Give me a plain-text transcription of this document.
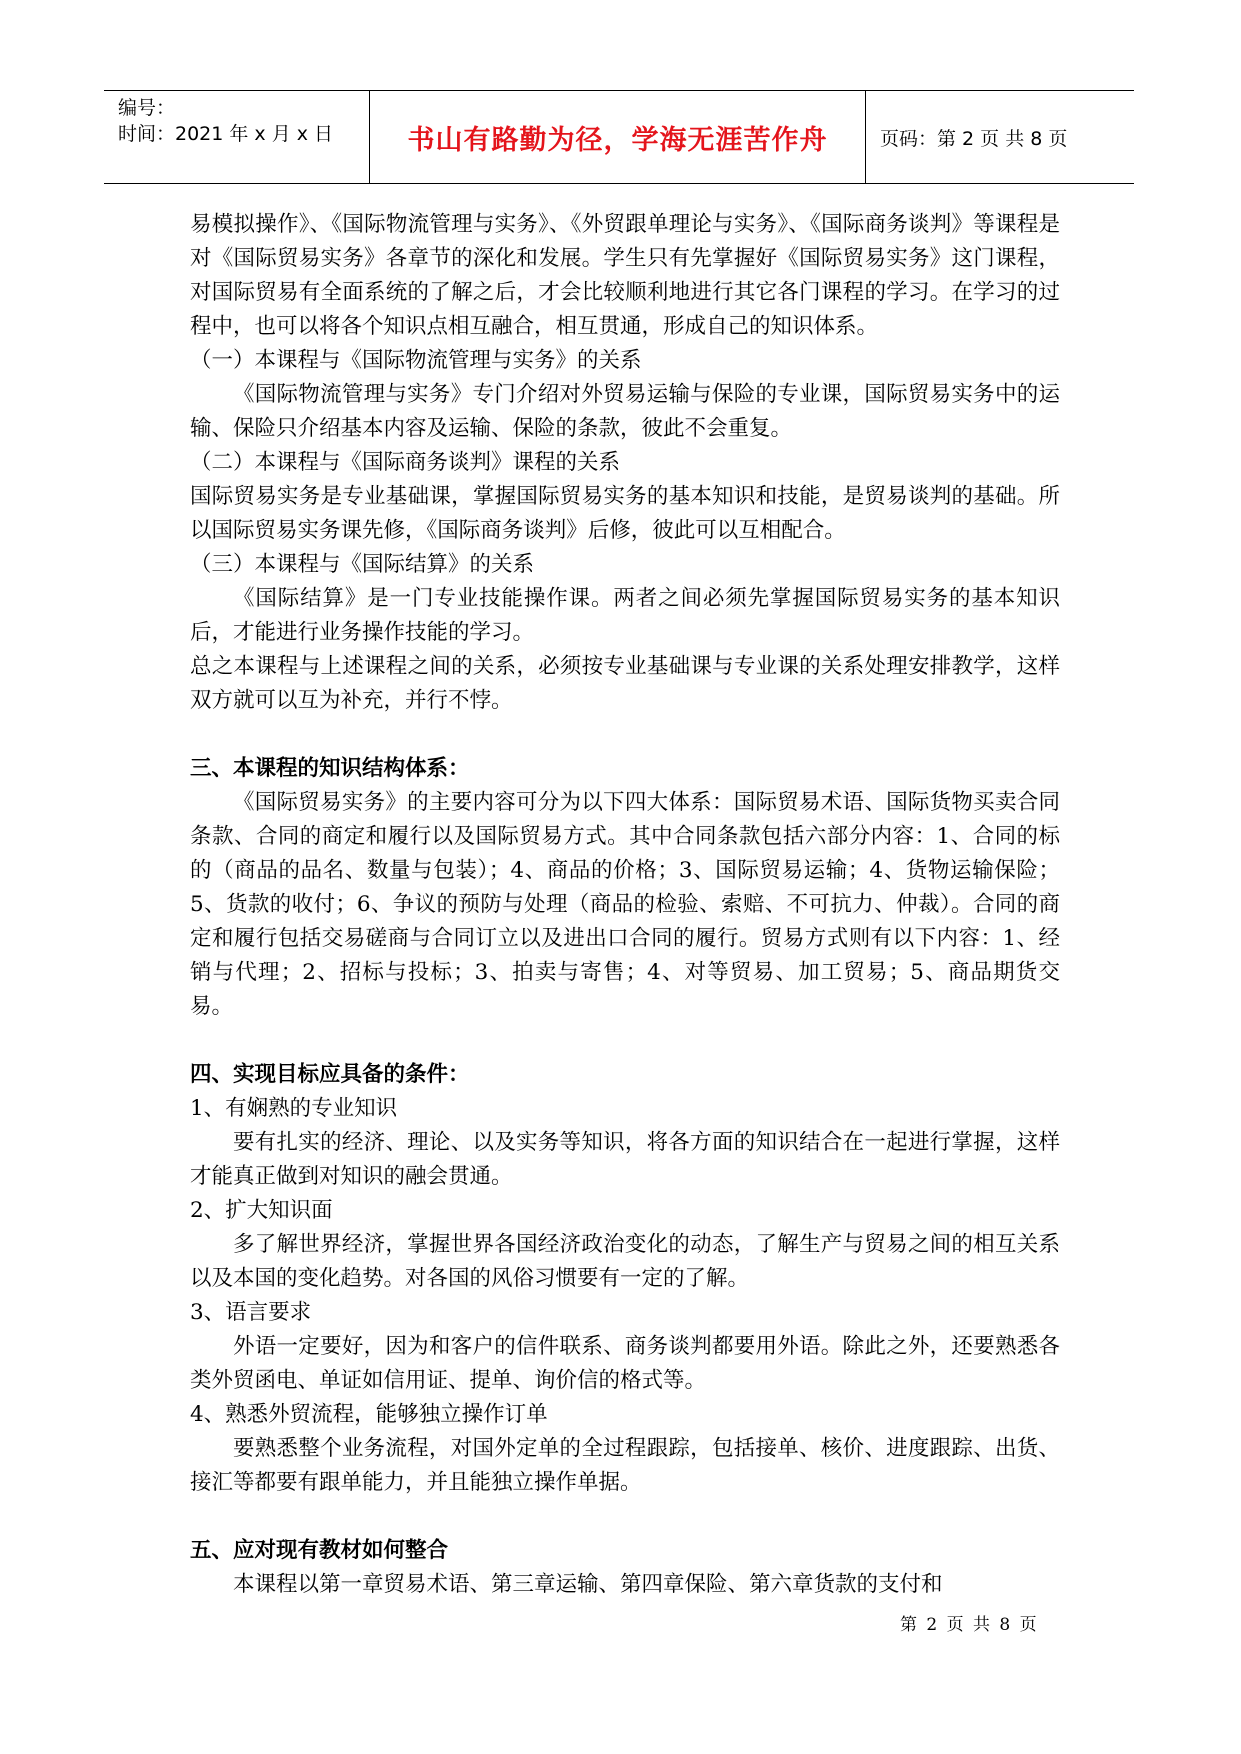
编号：
时间：2021 年 x 月 x 日	书山有路勤为径，学海无涯苦作舟	页码：第 2 页 共 8 页

易模拟操作》、《国际物流管理与实务》、《外贸跟单理论与实务》、《国际商务谈判》等课程是对《国际贸易实务》各章节的深化和发展。学生只有先掌握好《国际贸易实务》这门课程，对国际贸易有全面系统的了解之后，才会比较顺利地进行其它各门课程的学习。在学习的过程中，也可以将各个知识点相互融合，相互贯通，形成自己的知识体系。

（一）本课程与《国际物流管理与实务》的关系

《国际物流管理与实务》专门介绍对外贸易运输与保险的专业课，国际贸易实务中的运输、保险只介绍基本内容及运输、保险的条款，彼此不会重复。

（二）本课程与《国际商务谈判》课程的关系

国际贸易实务是专业基础课，掌握国际贸易实务的基本知识和技能，是贸易谈判的基础。所以国际贸易实务课先修，《国际商务谈判》后修，彼此可以互相配合。

（三）本课程与《国际结算》的关系

《国际结算》是一门专业技能操作课。两者之间必须先掌握国际贸易实务的基本知识后，才能进行业务操作技能的学习。

总之本课程与上述课程之间的关系，必须按专业基础课与专业课的关系处理安排教学，这样双方就可以互为补充，并行不悖。

三、本课程的知识结构体系：

《国际贸易实务》的主要内容可分为以下四大体系：国际贸易术语、国际货物买卖合同条款、合同的商定和履行以及国际贸易方式。其中合同条款包括六部分内容：1、合同的标的（商品的品名、数量与包装）；4、商品的价格；3、国际贸易运输；4、货物运输保险；5、货款的收付；6、争议的预防与处理（商品的检验、索赔、不可抗力、仲裁）。合同的商定和履行包括交易磋商与合同订立以及进出口合同的履行。贸易方式则有以下内容：1、经销与代理；2、招标与投标；3、拍卖与寄售；4、对等贸易、加工贸易；5、商品期货交易。

四、实现目标应具备的条件：

1、有娴熟的专业知识

要有扎实的经济、理论、以及实务等知识，将各方面的知识结合在一起进行掌握，这样才能真正做到对知识的融会贯通。

2、扩大知识面

多了解世界经济，掌握世界各国经济政治变化的动态，了解生产与贸易之间的相互关系以及本国的变化趋势。对各国的风俗习惯要有一定的了解。

3、语言要求

外语一定要好，因为和客户的信件联系、商务谈判都要用外语。除此之外，还要熟悉各类外贸函电、单证如信用证、提单、询价信的格式等。

4、熟悉外贸流程，能够独立操作订单

要熟悉整个业务流程，对国外定单的全过程跟踪，包括接单、核价、进度跟踪、出货、接汇等都要有跟单能力，并且能独立操作单据。

五、应对现有教材如何整合

本课程以第一章贸易术语、第三章运输、第四章保险、第六章货款的支付和

第 2 页 共 8 页
